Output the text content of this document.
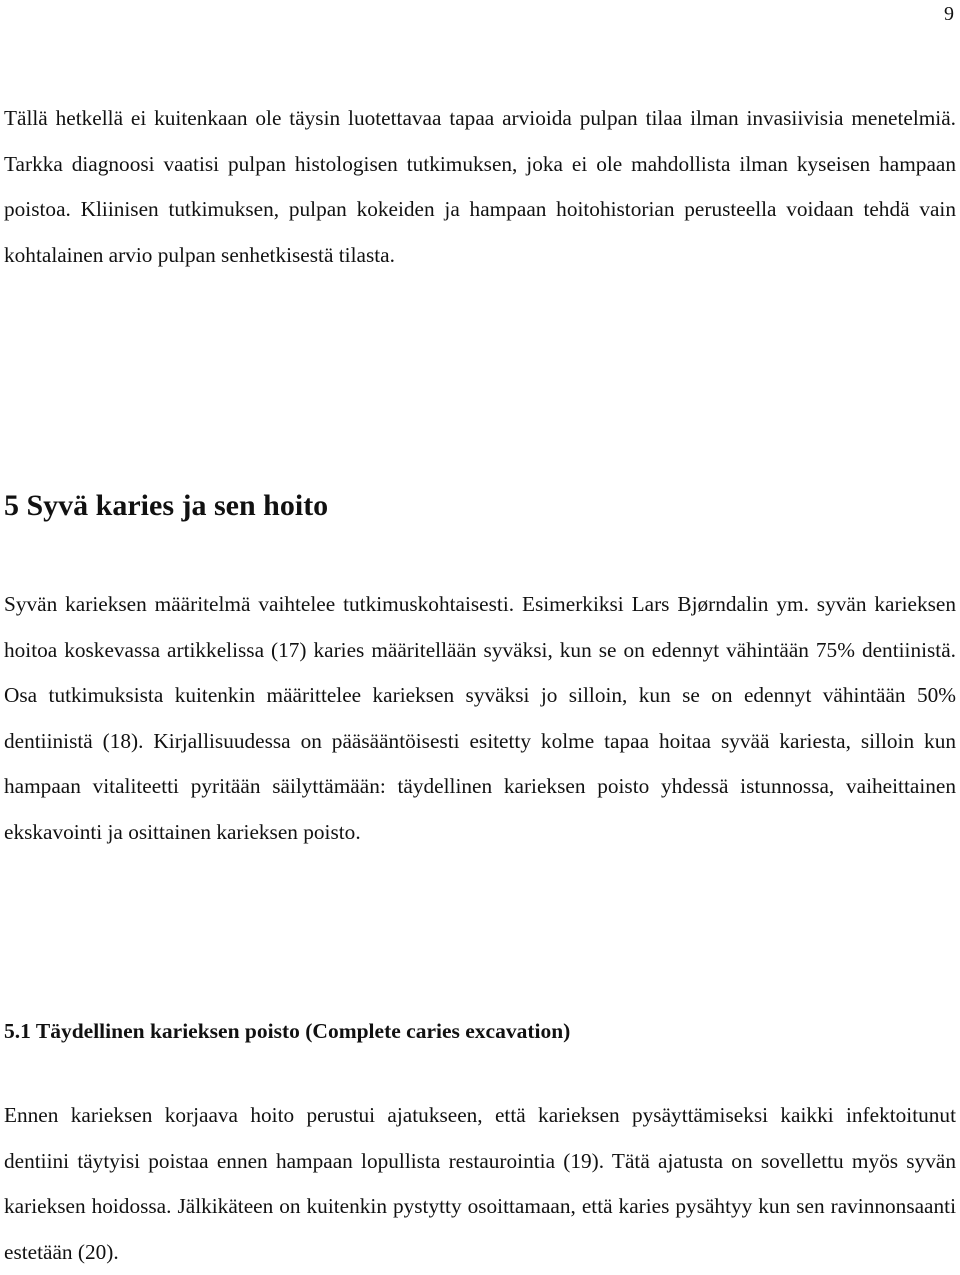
9

Tällä hetkellä ei kuitenkaan ole täysin luotettavaa tapaa arvioida pulpan tilaa ilman invasiivisia menetelmiä. Tarkka diagnoosi vaatisi pulpan histologisen tutkimuksen, joka ei ole mahdollista ilman kyseisen hampaan poistoa. Kliinisen tutkimuksen, pulpan kokeiden ja hampaan hoitohistorian perusteella voidaan tehdä vain kohtalainen arvio pulpan senhetkisestä tilasta.

5 Syvä karies ja sen hoito

Syvän karieksen määritelmä vaihtelee tutkimuskohtaisesti. Esimerkiksi Lars Bjørndalin ym. syvän karieksen hoitoa koskevassa artikkelissa (17) karies määritellään syväksi, kun se on edennyt vähintään 75% dentiinistä. Osa tutkimuksista kuitenkin määrittelee karieksen syväksi jo silloin, kun se on edennyt vähintään 50% dentiinistä (18). Kirjallisuudessa on pääsääntöisesti esitetty kolme tapaa hoitaa syvää kariesta, silloin kun hampaan vitaliteetti pyritään säilyttämään: täydellinen karieksen poisto yhdessä istunnossa, vaiheittainen ekskavointi ja osittainen karieksen poisto.

5.1 Täydellinen karieksen poisto (Complete caries excavation)

Ennen karieksen korjaava hoito perustui ajatukseen, että karieksen pysäyttämiseksi kaikki infektoitunut dentiini täytyisi poistaa ennen hampaan lopullista restaurointia (19). Tätä ajatusta on sovellettu myös syvän karieksen hoidossa. Jälkikäteen on kuitenkin pystytty osoittamaan, että karies pysähtyy kun sen ravinnonsaanti estetään (20).
